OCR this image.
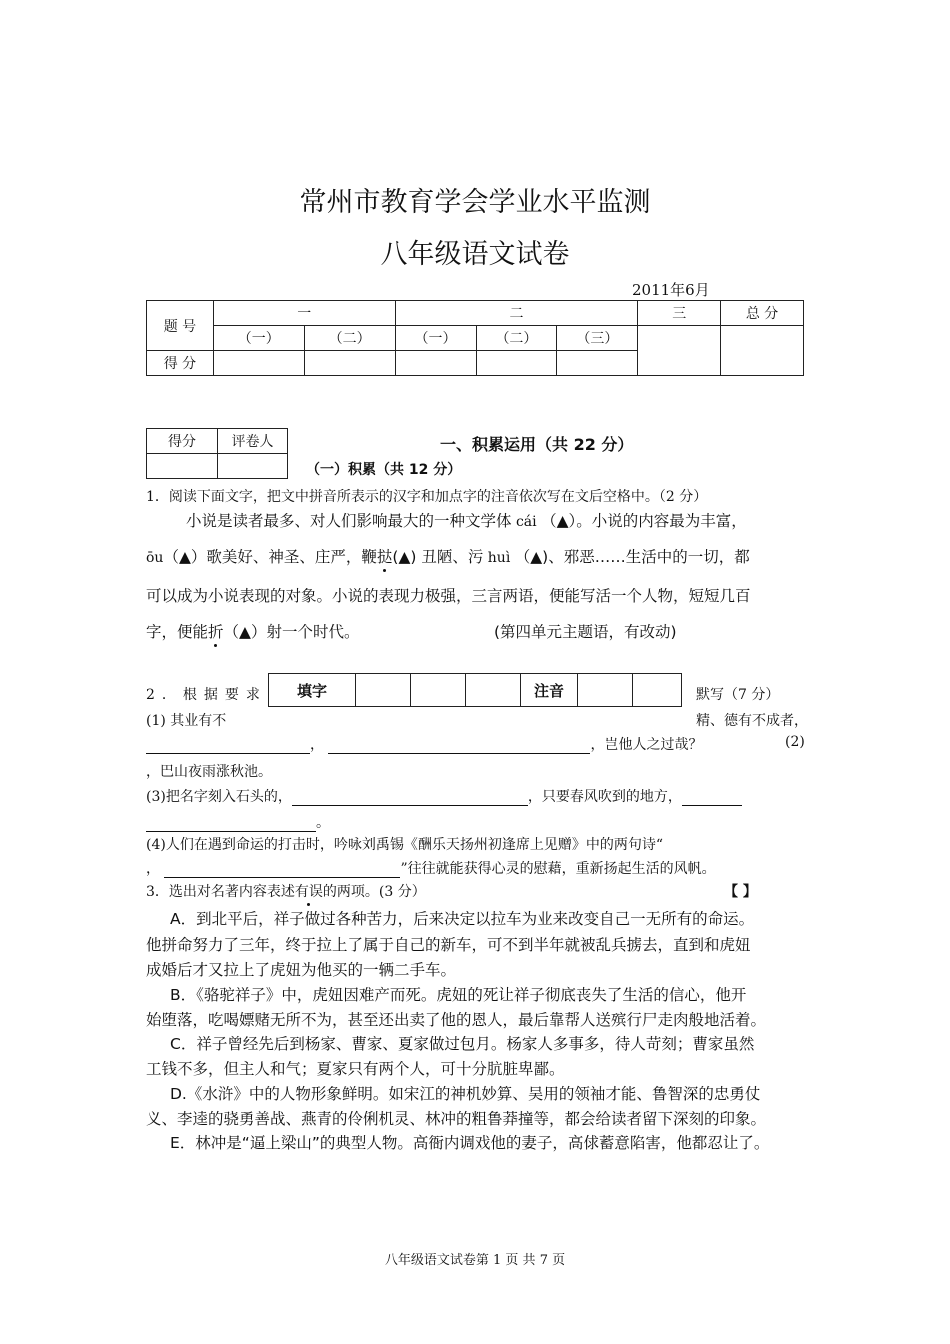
常州市教育学会学业水平监测
八年级语文试卷
2011年6月
题 号	一		二			三	总 分
	（一）	（二）	（一）	（二）	（三）		
得 分							
得分	评卷人
		一、积累运用（共 22 分）
（一）积累（共 12 分）
1．阅读下面文字，把文中拼音所表示的汉字和加点字的注音依次写在文后空格中。（2 分）
小说是读者最多、对人们影响最大的一种文学体 cái （▲）。小说的内容最为丰富，
ōu（▲）歌美好、神圣、庄严，鞭挞(▲) 丑陋、污 huì （▲)、邪恶……生活中的一切，都
可以成为小说表现的对象。小说的表现力极强，三言两语，便能写活一个人物，短短几百
字，便能折（▲）射一个时代。	(第四单元主题语，有改动)
填字				注音		
2．根据要求	默写（7 分）
(1) 其业有不	精、德有不成者，
，	，岂他人之过哉？	(2)
，巴山夜雨涨秋池。
(3)把名字刻入石头的，	，只要春风吹到的地方，
。
(4)人们在遇到命运的打击时，吟咏刘禹锡《酬乐天扬州初逢席上见赠》中的两句诗“
，	”往往就能获得心灵的慰藉，重新扬起生活的风帆。
3．选出对名著内容表述有误的两项。(3 分）	【 】
A．到北平后，祥子做过各种苦力，后来决定以拉车为业来改变自己一无所有的命运。
他拼命努力了三年，终于拉上了属于自己的新车，可不到半年就被乱兵掳去，直到和虎妞
成婚后才又拉上了虎妞为他买的一辆二手车。
B．《骆驼祥子》中，虎妞因难产而死。虎妞的死让祥子彻底丧失了生活的信心，他开
始堕落，吃喝嫖赌无所不为，甚至还出卖了他的恩人，最后靠帮人送殡行尸走肉般地活着。
C．祥子曾经先后到杨家、曹家、夏家做过包月。杨家人多事多，待人苛刻；曹家虽然
工钱不多，但主人和气；夏家只有两个人，可十分肮脏卑鄙。
D.《水浒》中的人物形象鲜明。如宋江的神机妙算、吴用的领袖才能、鲁智深的忠勇仗
义、李逵的骁勇善战、燕青的伶俐机灵、林冲的粗鲁莽撞等，都会给读者留下深刻的印象。
E．林冲是“逼上梁山”的典型人物。高衙内调戏他的妻子，高俅蓄意陷害，他都忍让了。
八年级语文试卷第 1 页 共 7 页
